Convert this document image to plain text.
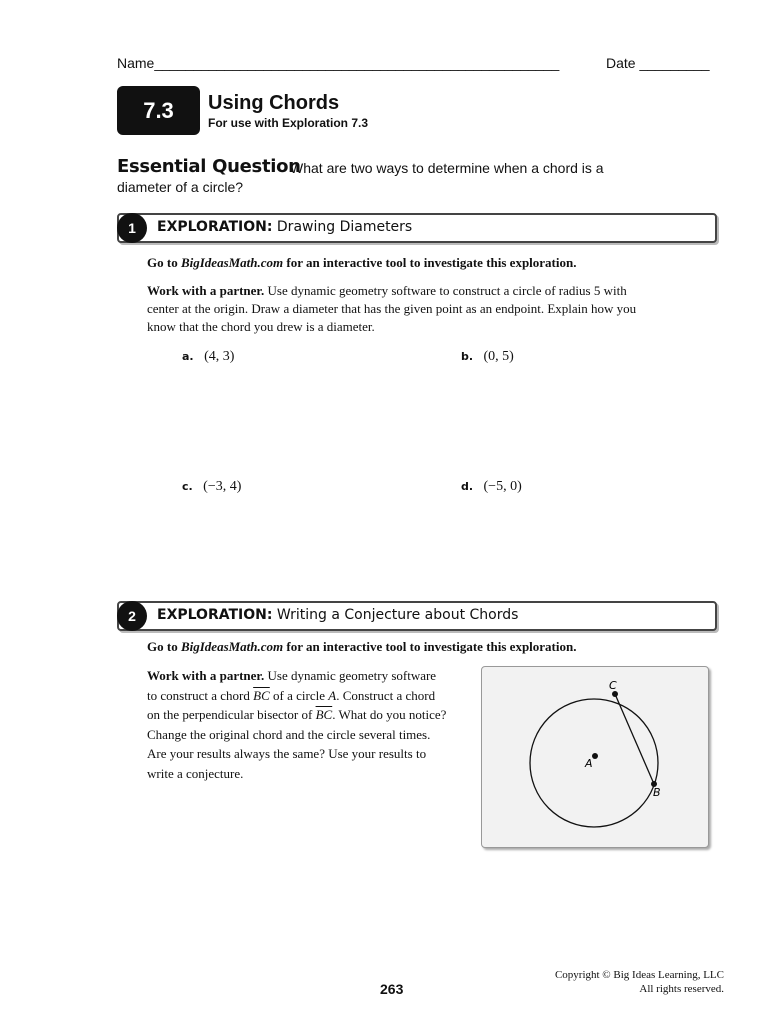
Name____________________________________________________	Date _________
7.3	Using Chords
For use with Exploration 7.3
Essential Question
What are two ways to determine when a chord is a diameter of a circle?
1	EXPLORATION: Drawing Diameters
Go to BigIdeasMath.com for an interactive tool to investigate this exploration.
Work with a partner. Use dynamic geometry software to construct a circle of radius 5 with center at the origin. Draw a diameter that has the given point as an endpoint. Explain how you know that the chord you drew is a diameter.
a. (4, 3)	b. (0, 5)
c. (−3, 4)	d. (−5, 0)
2	EXPLORATION: Writing a Conjecture about Chords
Go to BigIdeasMath.com for an interactive tool to investigate this exploration.
Work with a partner. Use dynamic geometry software
to construct a chord $\overline{BC}$ of a circle A. Construct a chord
on the perpendicular bisector of $\overline{BC}$. What do you notice?
Change the original chord and the circle several times.
Are your results always the same? Use your results to
write a conjecture.
C
A
B
Copyright © Big Ideas Learning, LLC
All rights reserved.
263
